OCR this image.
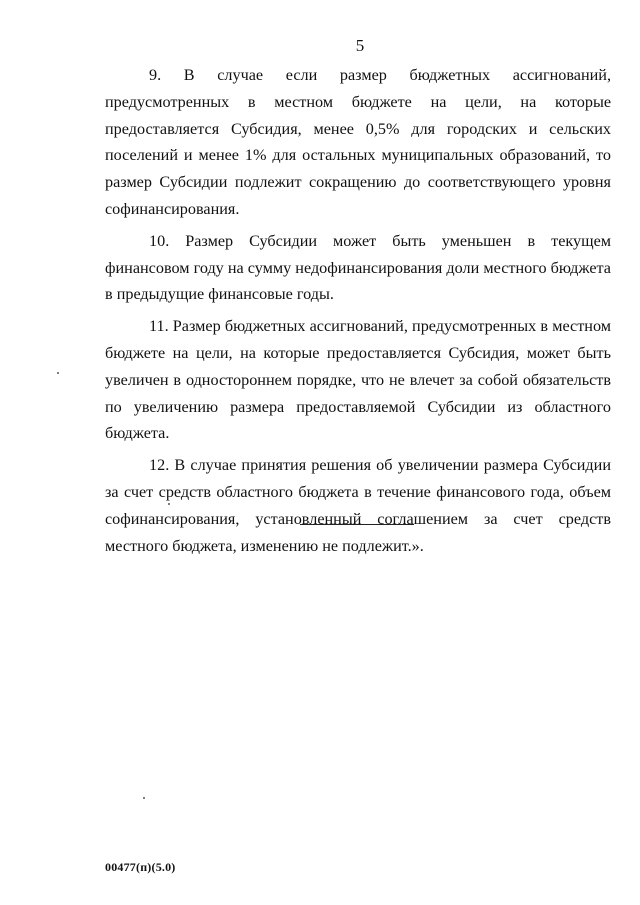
5

9. В случае если размер бюджетных ассигнований, предусмотренных в местном бюджете на цели, на которые предоставляется Субсидия, менее 0,5% для городских и сельских поселений и менее 1% для остальных муниципальных образований, то размер Субсидии подлежит сокращению до соответствующего уровня софинансирования.

10. Размер Субсидии может быть уменьшен в текущем финансовом году на сумму недофинансирования доли местного бюджета в предыдущие финансовые годы.

11. Размер бюджетных ассигнований, предусмотренных в местном бюджете на цели, на которые предоставляется Субсидия, может быть увеличен в одностороннем порядке, что не влечет за собой обязательств по увеличению размера предоставляемой Субсидии из областного бюджета.

12. В случае принятия решения об увеличении размера Субсидии за счет средств областного бюджета в течение финансового года, объем софинансирования, установленный соглашением за счет средств местного бюджета, изменению не подлежит.».

00477(п)(5.0)
